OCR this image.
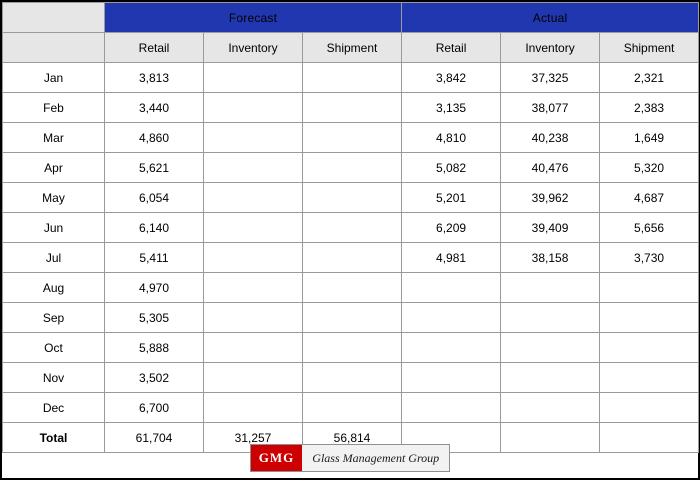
	Forecast			Actual		
	Retail	Inventory	Shipment	Retail	Inventory	Shipment
Jan	3,813			3,842	37,325	2,321
Feb	3,440			3,135	38,077	2,383
Mar	4,860			4,810	40,238	1,649
Apr	5,621			5,082	40,476	5,320
May	6,054			5,201	39,962	4,687
Jun	6,140			6,209	39,409	5,656
Jul	5,411			4,981	38,158	3,730
Aug	4,970					
Sep	5,305					
Oct	5,888					
Nov	3,502					
Dec	6,700					
Total	61,704	31,257	56,814			
GMG	Glass Management Group
